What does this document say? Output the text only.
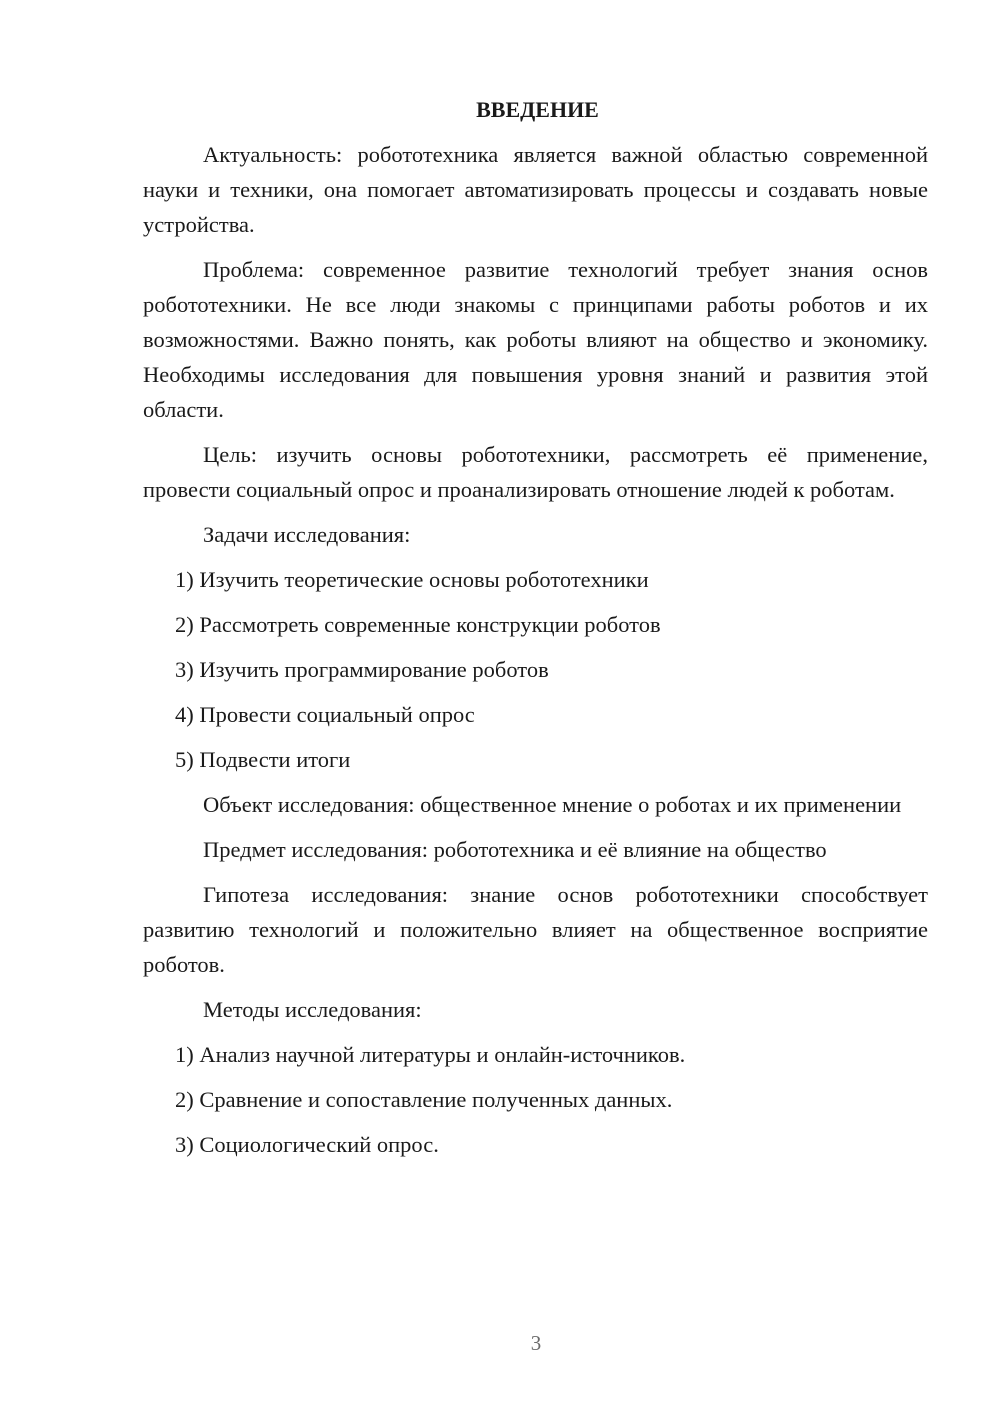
ВВЕДЕНИЕ

Актуальность: робототехника является важной областью современной науки и техники, она помогает автоматизировать процессы и создавать новые устройства.

Проблема: современное развитие технологий требует знания основ робототехники. Не все люди знакомы с принципами работы роботов и их возможностями. Важно понять, как роботы влияют на общество и экономику. Необходимы исследования для повышения уровня знаний и развития этой области.

Цель: изучить основы робототехники, рассмотреть её применение, провести социальный опрос и проанализировать отношение людей к роботам.

Задачи исследования:

1) Изучить теоретические основы робототехники
2) Рассмотреть современные конструкции роботов
3) Изучить программирование роботов
4) Провести социальный опрос
5) Подвести итоги

Объект исследования: общественное мнение о роботах и их применении

Предмет исследования: робототехника и её влияние на общество

Гипотеза исследования: знание основ робототехники способствует развитию технологий и положительно влияет на общественное восприятие роботов.

Методы исследования:

1) Анализ научной литературы и онлайн-источников.
2) Сравнение и сопоставление полученных данных.
3) Социологический опрос.
3
